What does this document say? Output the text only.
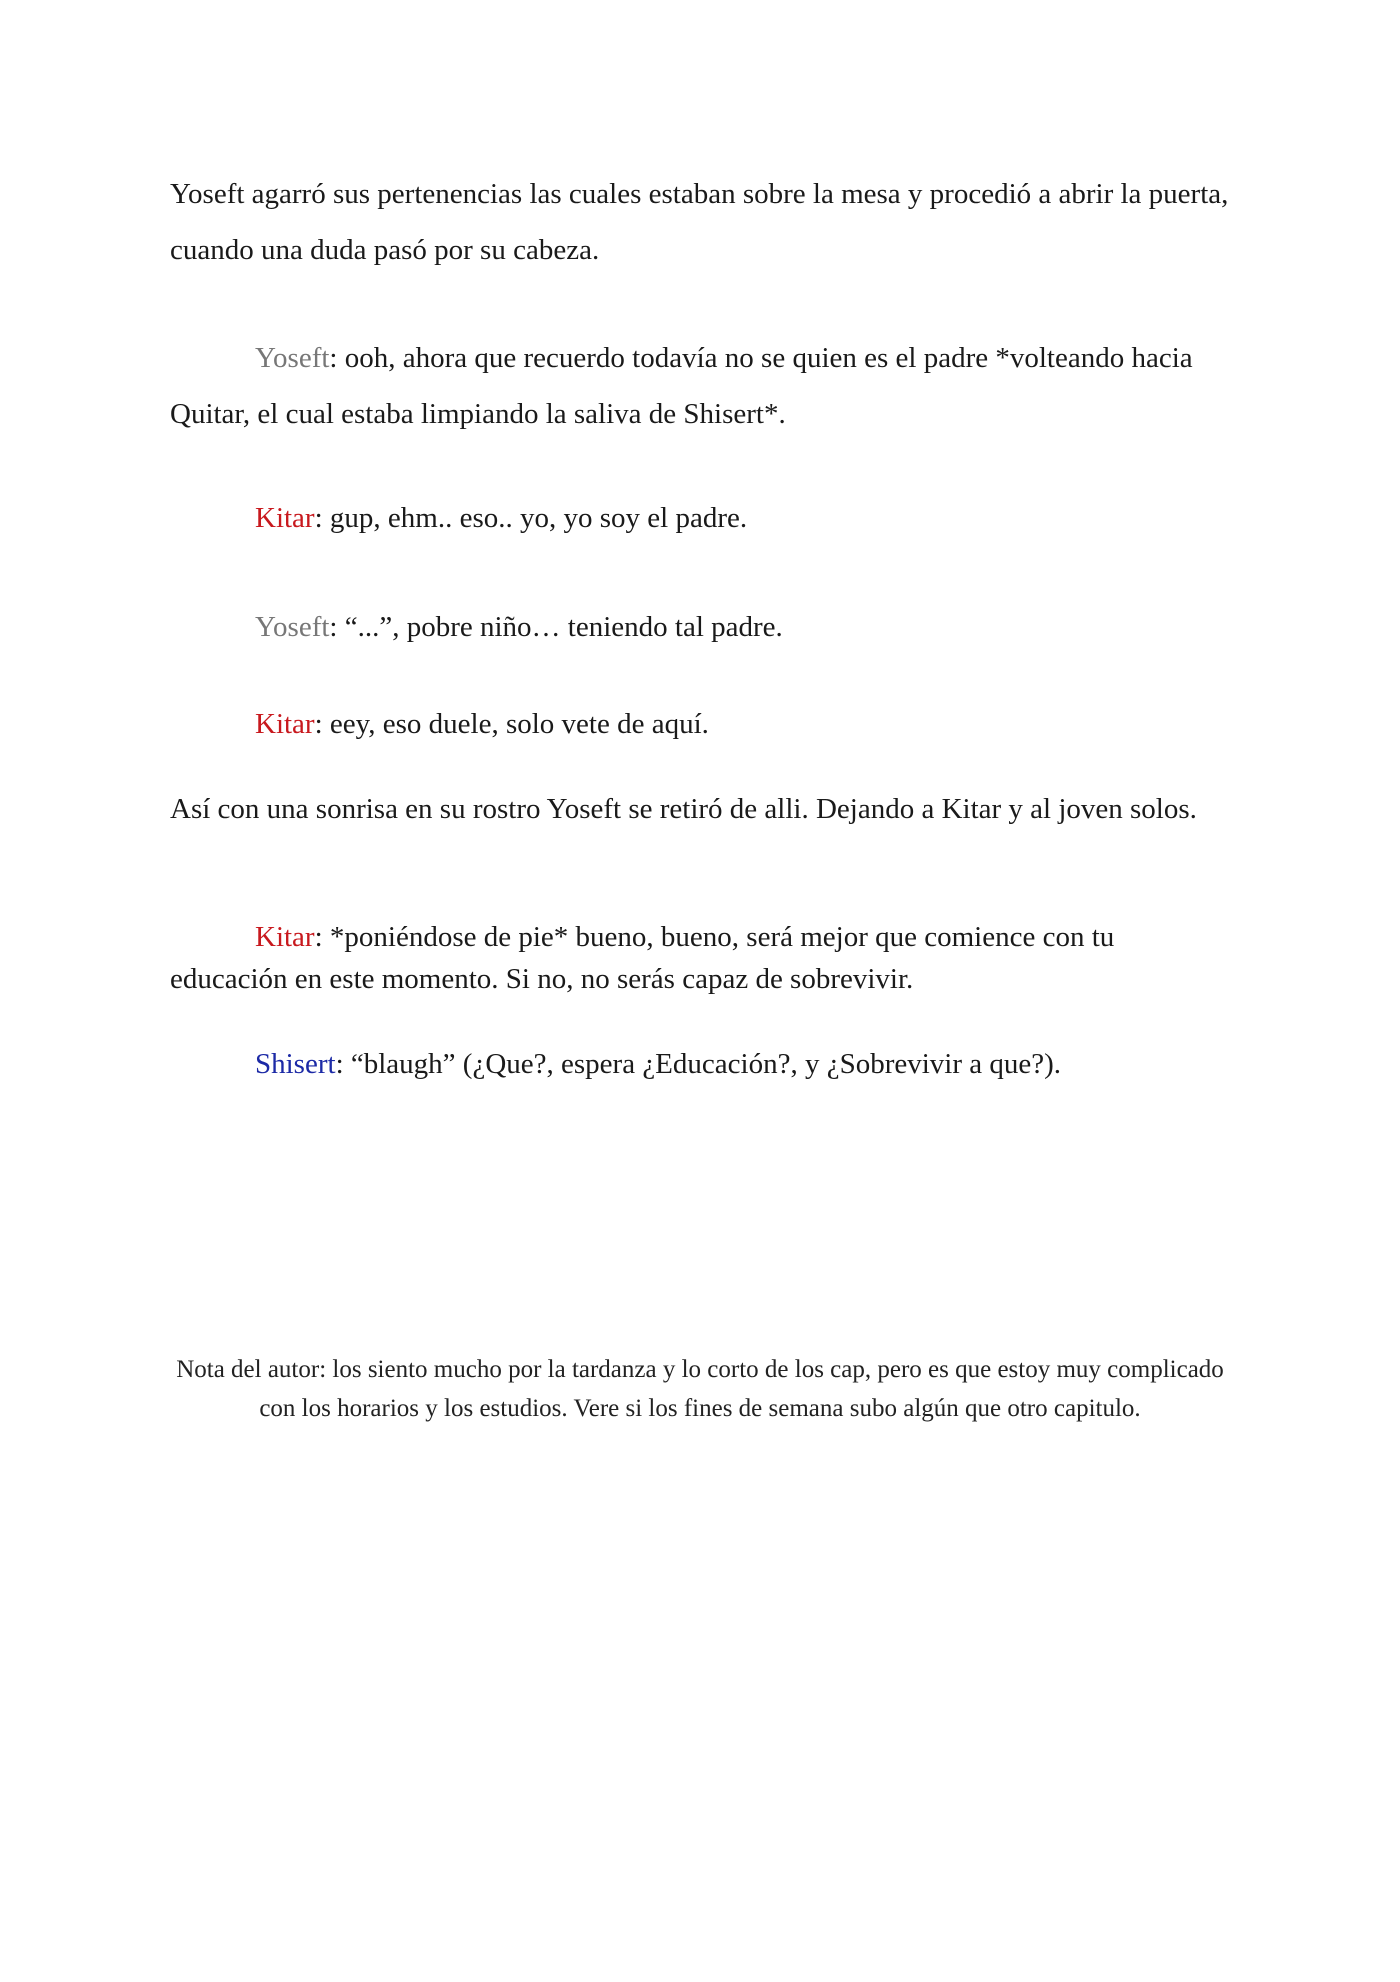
Yoseft agarró sus pertenencias las cuales estaban sobre la mesa y procedió a abrir la puerta, cuando una duda pasó por su cabeza.

Yoseft: ooh, ahora que recuerdo todavía no se quien es el padre *volteando hacia Quitar, el cual estaba limpiando la saliva de Shisert*.

Kitar: gup, ehm.. eso.. yo, yo soy el padre.

Yoseft: “...”, pobre niño… teniendo tal padre.

Kitar: eey, eso duele, solo vete de aquí.

Así con una sonrisa en su rostro Yoseft se retiró de alli. Dejando a Kitar y al joven solos.

Kitar: *poniéndose de pie* bueno, bueno, será mejor que comience con tu educación en este momento. Si no, no serás capaz de sobrevivir.

Shisert: “blaugh” (¿Que?, espera ¿Educación?, y ¿Sobrevivir a que?).

Nota del autor: los siento mucho por la tardanza y lo corto de los cap, pero es que estoy muy complicado con los horarios y los estudios. Vere si los fines de semana subo algún que otro capitulo.
